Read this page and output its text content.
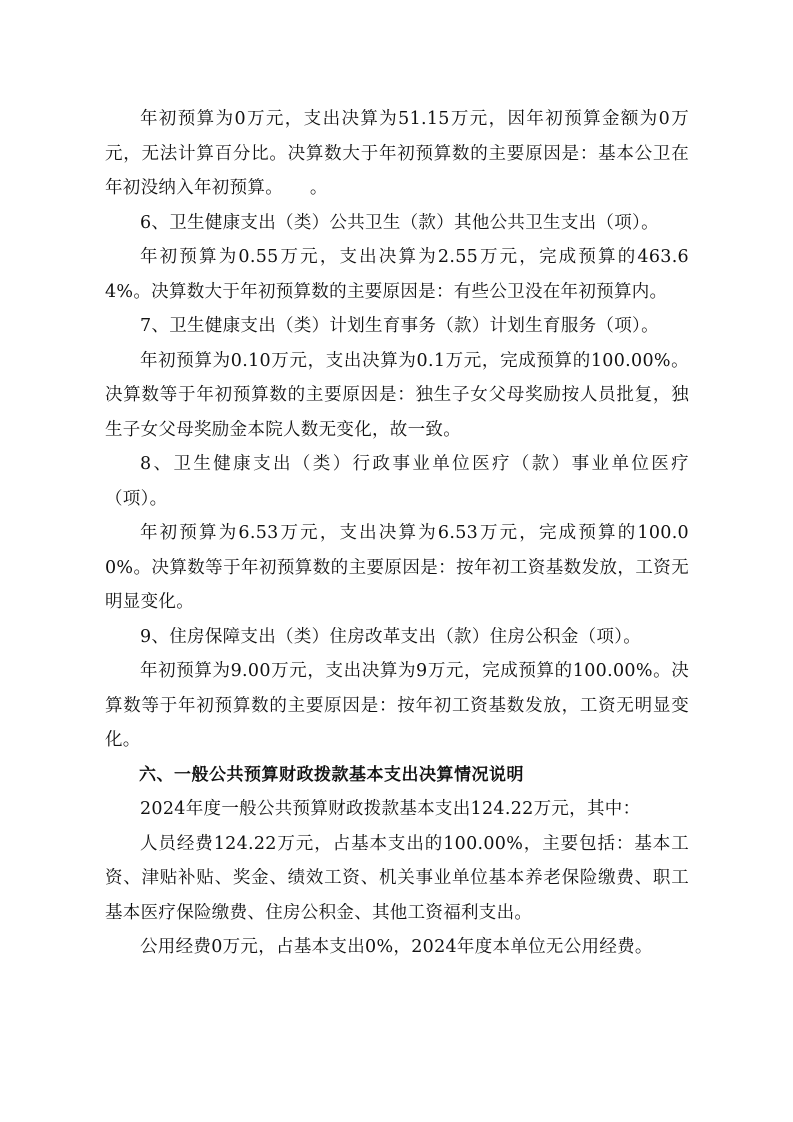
年初预算为0万元，支出决算为51.15万元，因年初预算金额为0万元，无法计算百分比。决算数大于年初预算数的主要原因是：基本公卫在年初没纳入年初预算。　　。

6、卫生健康支出（类）公共卫生（款）其他公共卫生支出（项）。

年初预算为0.55万元，支出决算为2.55万元，完成预算的463.64%。决算数大于年初预算数的主要原因是：有些公卫没在年初预算内。

7、卫生健康支出（类）计划生育事务（款）计划生育服务（项）。

年初预算为0.10万元，支出决算为0.1万元，完成预算的100.00%。决算数等于年初预算数的主要原因是：独生子女父母奖励按人员批复，独生子女父母奖励金本院人数无变化，故一致。

8、卫生健康支出（类）行政事业单位医疗（款）事业单位医疗（项）。

年初预算为6.53万元，支出决算为6.53万元，完成预算的100.00%。决算数等于年初预算数的主要原因是：按年初工资基数发放，工资无明显变化。

9、住房保障支出（类）住房改革支出（款）住房公积金（项）。

年初预算为9.00万元，支出决算为9万元，完成预算的100.00%。决算数等于年初预算数的主要原因是：按年初工资基数发放，工资无明显变化。

六、一般公共预算财政拨款基本支出决算情况说明

2024年度一般公共预算财政拨款基本支出124.22万元，其中：

人员经费124.22万元，占基本支出的100.00%，主要包括：基本工资、津贴补贴、奖金、绩效工资、机关事业单位基本养老保险缴费、职工基本医疗保险缴费、住房公积金、其他工资福利支出。

公用经费0万元，占基本支出0%，2024年度本单位无公用经费。
